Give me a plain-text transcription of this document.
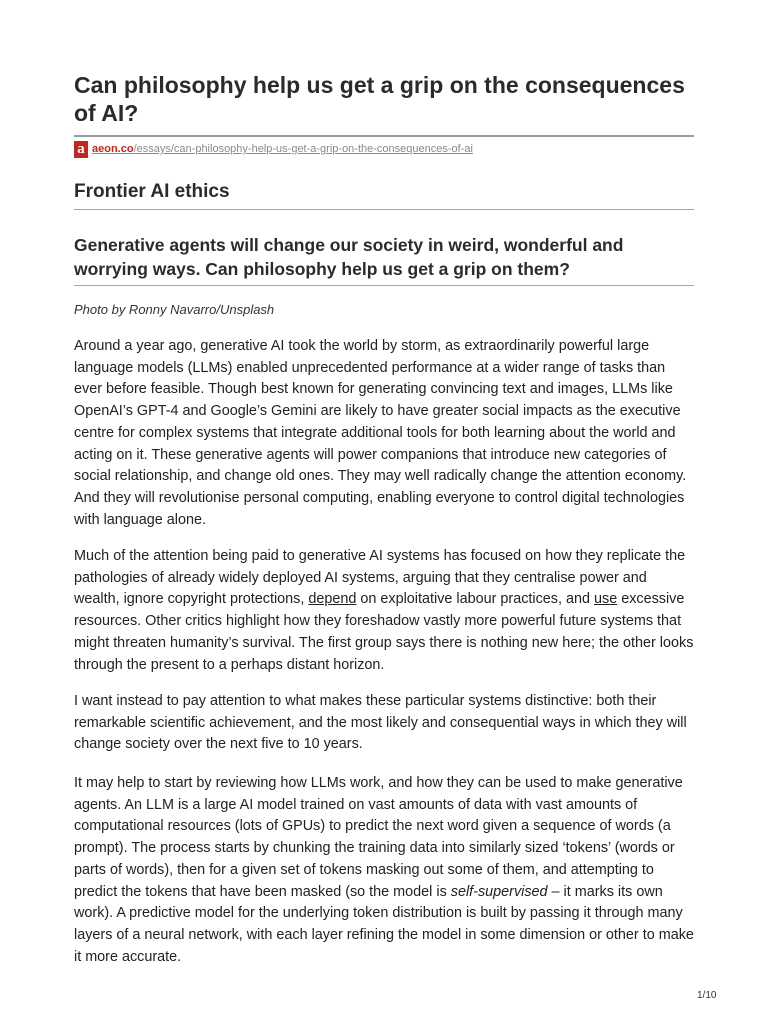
Can philosophy help us get a grip on the consequences of AI?
a aeon.co/essays/can-philosophy-help-us-get-a-grip-on-the-consequences-of-ai
Frontier AI ethics
Generative agents will change our society in weird, wonderful and worrying ways. Can philosophy help us get a grip on them?
Photo by Ronny Navarro/Unsplash

Around a year ago, generative AI took the world by storm, as extraordinarily powerful large language models (LLMs) enabled unprecedented performance at a wider range of tasks than ever before feasible. Though best known for generating convincing text and images, LLMs like OpenAI’s GPT-4 and Google’s Gemini are likely to have greater social impacts as the executive centre for complex systems that integrate additional tools for both learning about the world and acting on it. These generative agents will power companions that introduce new categories of social relationship, and change old ones. They may well radically change the attention economy. And they will revolutionise personal computing, enabling everyone to control digital technologies with language alone.

Much of the attention being paid to generative AI systems has focused on how they replicate the pathologies of already widely deployed AI systems, arguing that they centralise power and wealth, ignore copyright protections, depend on exploitative labour practices, and use excessive resources. Other critics highlight how they foreshadow vastly more powerful future systems that might threaten humanity’s survival. The first group says there is nothing new here; the other looks through the present to a perhaps distant horizon.

I want instead to pay attention to what makes these particular systems distinctive: both their remarkable scientific achievement, and the most likely and consequential ways in which they will change society over the next five to 10 years.

It may help to start by reviewing how LLMs work, and how they can be used to make generative agents. An LLM is a large AI model trained on vast amounts of data with vast amounts of computational resources (lots of GPUs) to predict the next word given a sequence of words (a prompt). The process starts by chunking the training data into similarly sized ‘tokens’ (words or parts of words), then for a given set of tokens masking out some of them, and attempting to predict the tokens that have been masked (so the model is self-supervised – it marks its own work). A predictive model for the underlying token distribution is built by passing it through many layers of a neural network, with each layer refining the model in some dimension or other to make it more accurate.

1/10
